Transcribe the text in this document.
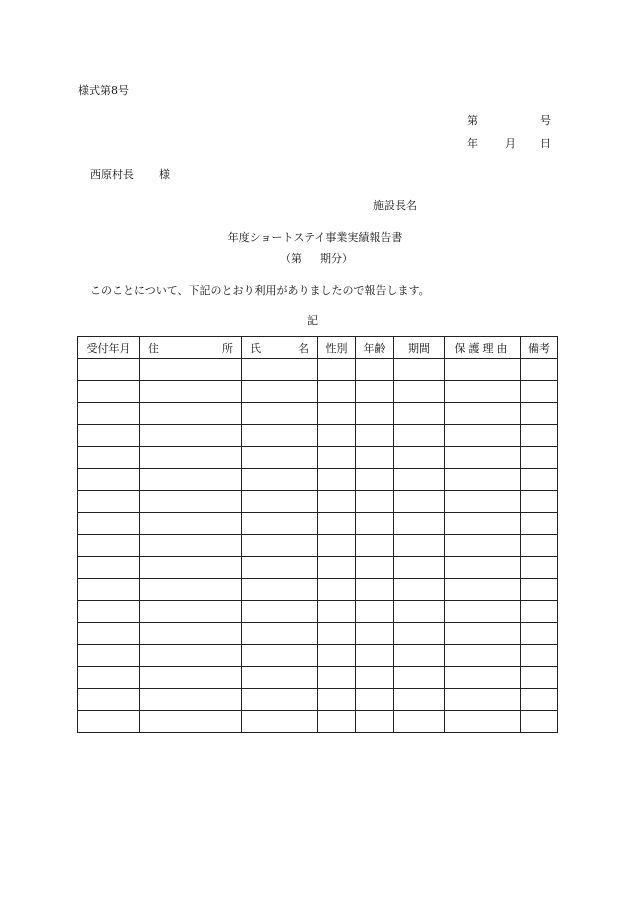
様式第8号
第	号
年 月 日
西原村長 様
施設長名
年度ショートステイ事業実績報告書
（第 期分）
このことについて、下記のとおり利用がありましたので報告します。
記
受付年月	住 所	氏 名	性別	年齢	期間	保護理由	備考
